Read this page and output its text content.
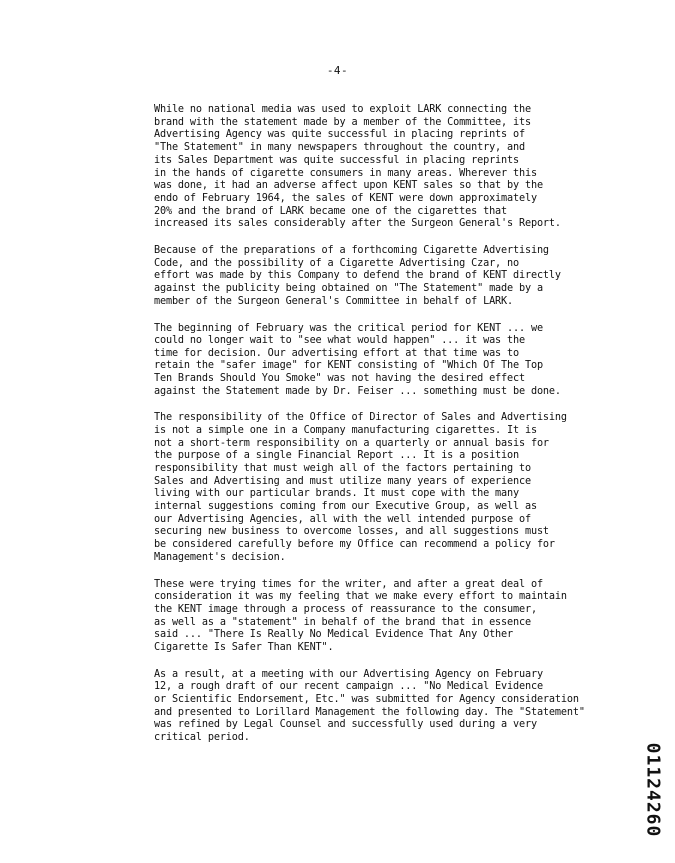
-4-

While no national media was used to exploit LARK connecting the
brand with the statement made by a member of the Committee, its
Advertising Agency was quite successful in placing reprints of
"The Statement" in many newspapers throughout the country, and
its Sales Department was quite successful in placing reprints
in the hands of cigarette consumers in many areas. Wherever this
was done, it had an adverse affect upon KENT sales so that by the
endo of February 1964, the sales of KENT were down approximately
20% and the brand of LARK became one of the cigarettes that
increased its sales considerably after the Surgeon General's Report.

Because of the preparations of a forthcoming Cigarette Advertising
Code, and the possibility of a Cigarette Advertising Czar, no
effort was made by this Company to defend the brand of KENT directly
against the publicity being obtained on "The Statement" made by a
member of the Surgeon General's Committee in behalf of LARK.

The beginning of February was the critical period for KENT ... we
could no longer wait to "see what would happen" ... it was the
time for decision. Our advertising effort at that time was to
retain the "safer image" for KENT consisting of "Which Of The Top
Ten Brands Should You Smoke" was not having the desired effect
against the Statement made by Dr. Feiser ... something must be done.

The responsibility of the Office of Director of Sales and Advertising
is not a simple one in a Company manufacturing cigarettes. It is
not a short-term responsibility on a quarterly or annual basis for
the purpose of a single Financial Report ... It is a position
responsibility that must weigh all of the factors pertaining to
Sales and Advertising and must utilize many years of experience
living with our particular brands. It must cope with the many
internal suggestions coming from our Executive Group, as well as
our Advertising Agencies, all with the well intended purpose of
securing new business to overcome losses, and all suggestions must
be considered carefully before my Office can recommend a policy for
Management's decision.

These were trying times for the writer, and after a great deal of
consideration it was my feeling that we make every effort to maintain
the KENT image through a process of reassurance to the consumer,
as well as a "statement" in behalf of the brand that in essence
said ... "There Is Really No Medical Evidence That Any Other
Cigarette Is Safer Than KENT".

As a result, at a meeting with our Advertising Agency on February
12, a rough draft of our recent campaign ... "No Medical Evidence
or Scientific Endorsement, Etc." was submitted for Agency consideration
and presented to Lorillard Management the following day. The "Statement"
was refined by Legal Counsel and successfully used during a very
critical period.

01124260
